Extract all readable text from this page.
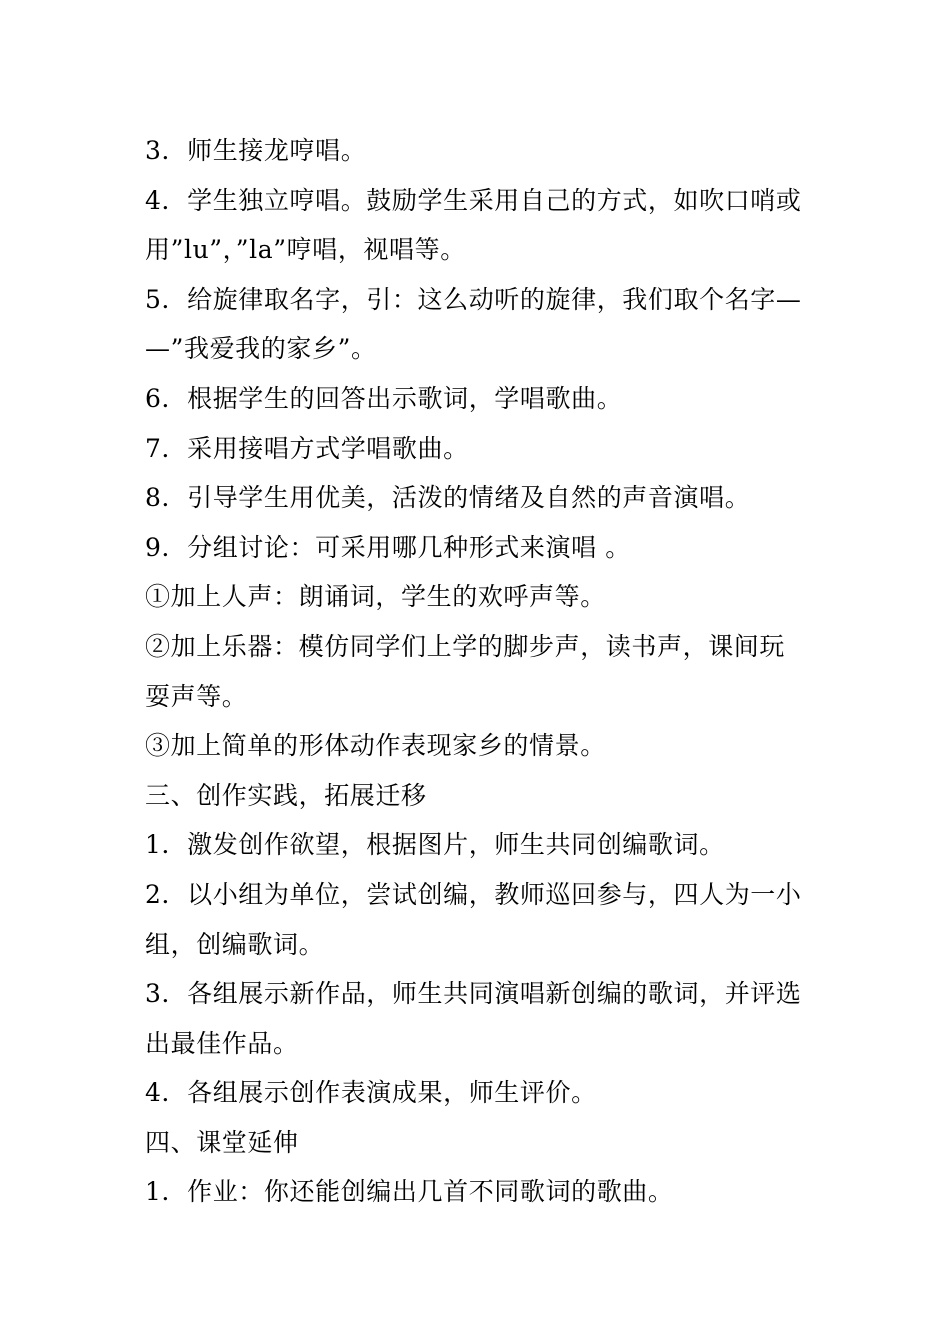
3．师生接龙哼唱。
4．学生独立哼唱。鼓励学生采用自己的方式，如吹口哨或
用”lu”，”la”哼唱，视唱等。
5．给旋律取名字，引：这么动听的旋律，我们取个名字—
—”我爱我的家乡”。
6．根据学生的回答出示歌词，学唱歌曲。
7．采用接唱方式学唱歌曲。
8．引导学生用优美，活泼的情绪及自然的声音演唱。
9．分组讨论：可采用哪几种形式来演唱 。
①加上人声：朗诵词，学生的欢呼声等。
②加上乐器：模仿同学们上学的脚步声，读书声，课间玩
耍声等。
③加上简单的形体动作表现家乡的情景。
三、创作实践，拓展迁移
1．激发创作欲望，根据图片，师生共同创编歌词。
2．以小组为单位，尝试创编，教师巡回参与，四人为一小
组，创编歌词。
3．各组展示新作品，师生共同演唱新创编的歌词，并评选
出最佳作品。
4．各组展示创作表演成果，师生评价。
四、课堂延伸
1．作业：你还能创编出几首不同歌词的歌曲。
